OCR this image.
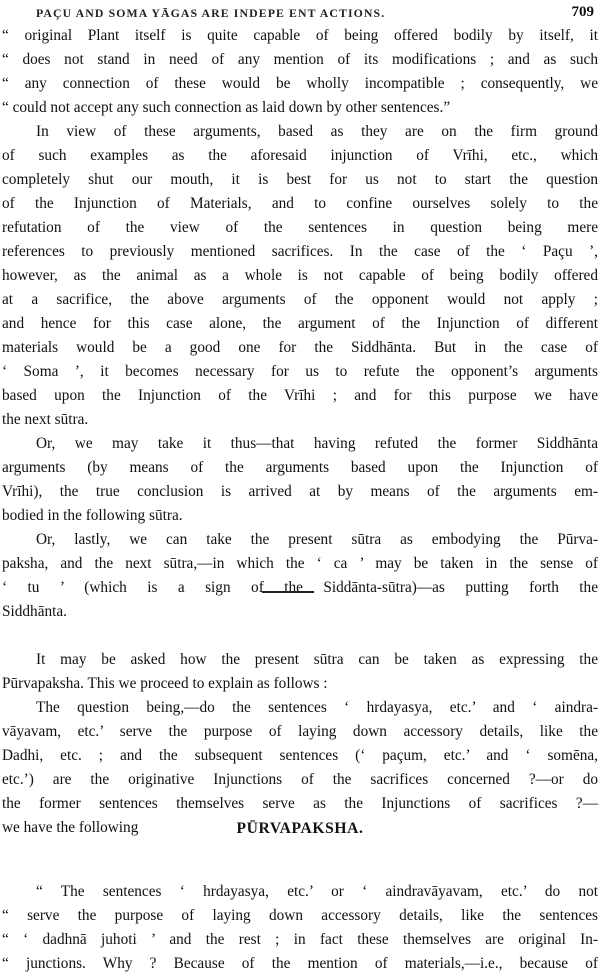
PAÇU AND SOMA YĀGAS ARE INDEPE ENT ACTIONS.	709
“ original Plant itself is quite capable of being offered bodily by itself, it
“ does not stand in need of any mention of its modifications ; and as such
“ any connection of these would be wholly incompatible ; consequently, we
“ could not accept any such connection as laid down by other sentences.”
In view of these arguments, based as they are on the firm ground
of such examples as the aforesaid injunction of Vrīhi, etc., which
completely shut our mouth, it is best for us not to start the question
of the Injunction of Materials, and to confine ourselves solely to the
refutation of the view of the sentences in question being mere
references to previously mentioned sacrifices. In the case of the ‘ Paçu ’,
however, as the animal as a whole is not capable of being bodily offered
at a sacrifice, the above arguments of the opponent would not apply ;
and hence for this case alone, the argument of the Injunction of different
materials would be a good one for the Siddhānta. But in the case of
‘ Soma ’, it becomes necessary for us to refute the opponent’s arguments
based upon the Injunction of the Vrīhi ; and for this purpose we have
the next sūtra.
Or, we may take it thus—that having refuted the former Siddhānta
arguments (by means of the arguments based upon the Injunction of
Vrīhi), the true conclusion is arrived at by means of the arguments em-
bodied in the following sūtra.
Or, lastly, we can take the present sūtra as embodying the Pūrva-
paksha, and the next sūtra,—in which the ‘ ca ’ may be taken in the sense of
‘ tu ’ (which is a sign of the Siddānta-sūtra)—as putting forth the
Siddhānta.
It may be asked how the present sūtra can be taken as expressing the
Pūrvapaksha. This we proceed to explain as follows :
The question being,—do the sentences ‘ hrdayasya, etc.’ and ‘ aindra-
vāyavam, etc.’ serve the purpose of laying down accessory details, like the
Dadhi, etc. ; and the subsequent sentences (‘ paçum, etc.’ and ‘ somēna,
etc.’) are the originative Injunctions of the sacrifices concerned ?—or do
the former sentences themselves serve as the Injunctions of sacrifices ?—
we have the following
“ The sentences ‘ hrdayasya, etc.’ or ‘ aindravāyavam, etc.’ do not
“ serve the purpose of laying down accessory details, like the sentences
“ ‘ dadhnā juhoti ’ and the rest ; in fact these themselves are original In-
“ junctions. Why ? Because of the mention of materials,—i.e., because of
PŪRVAPAKSHA.
